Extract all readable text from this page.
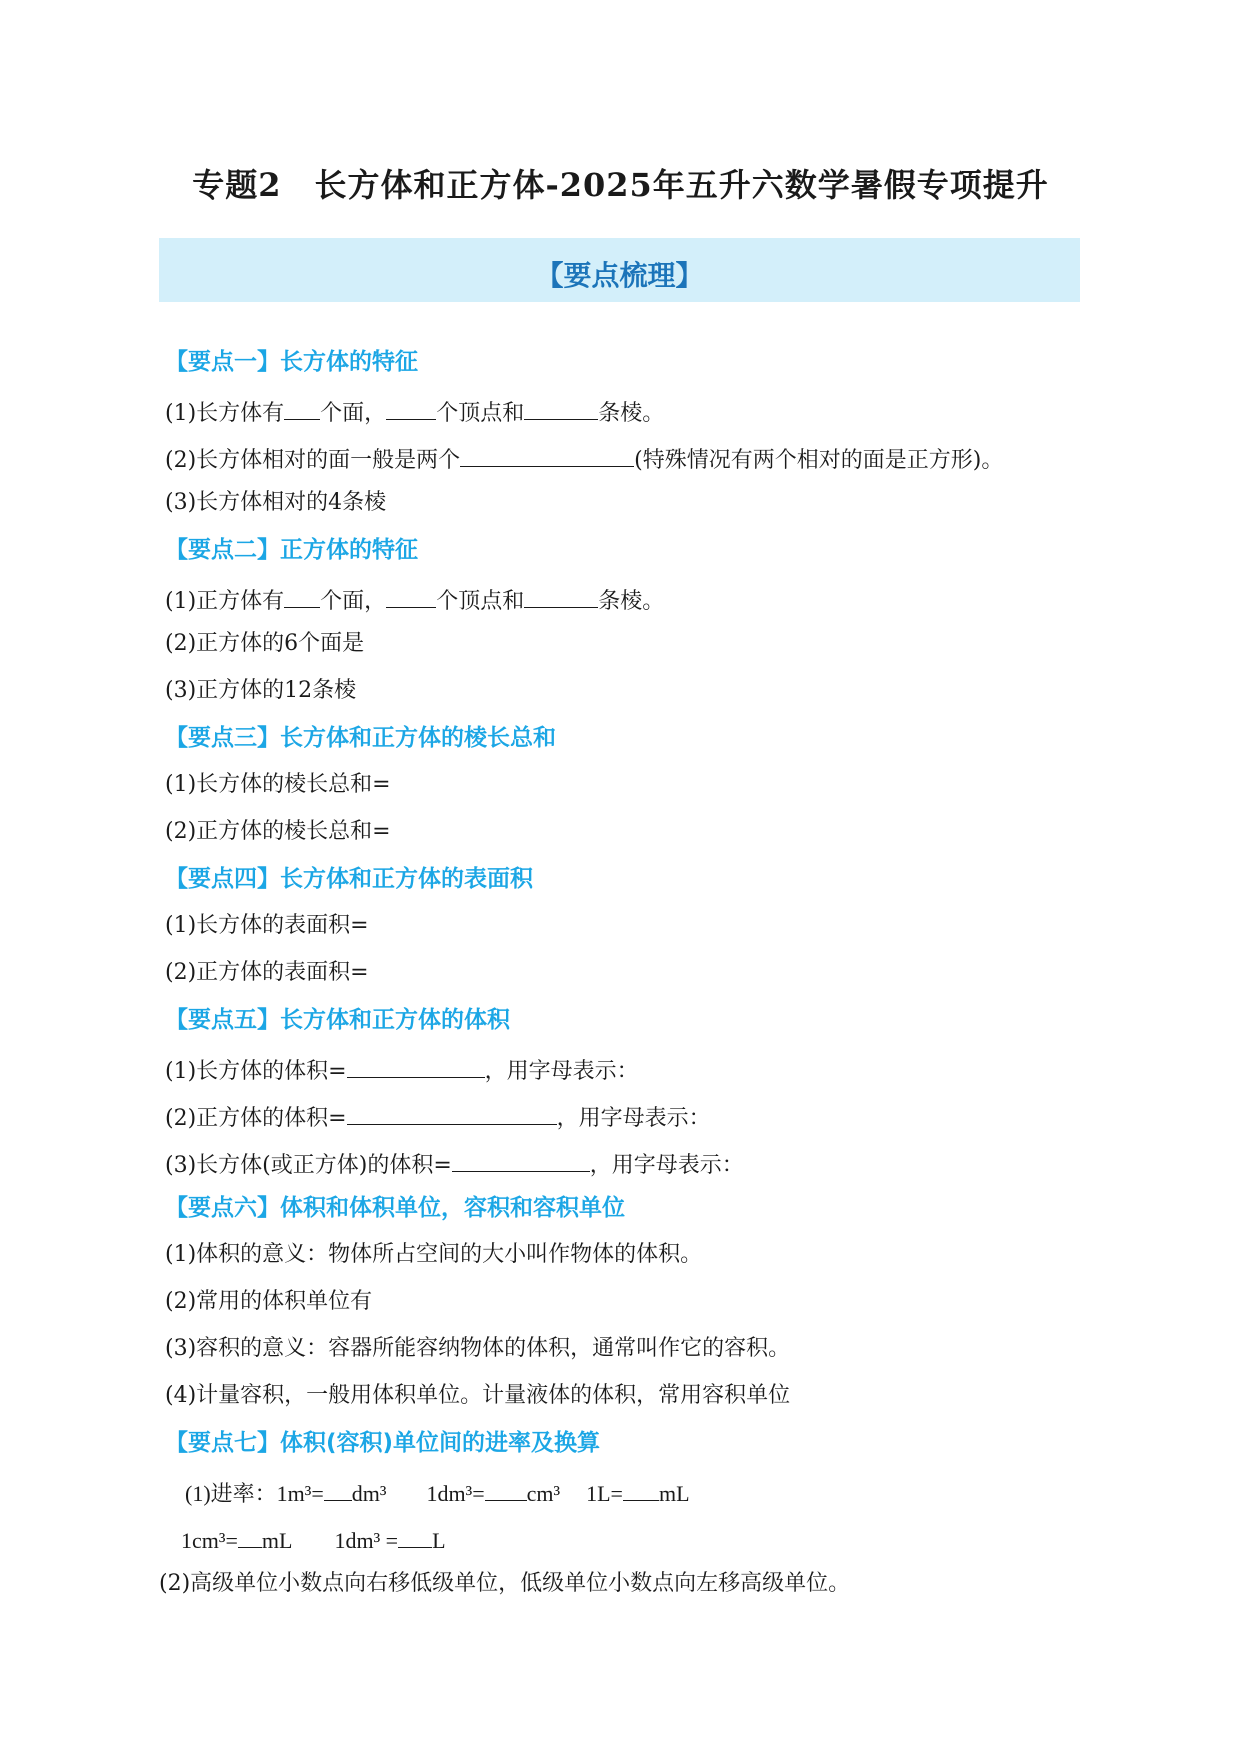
专题2　长方体和正方体-2025年五升六数学暑假专项提升
【要点梳理】
【要点一】长方体的特征
(1)长方体有 个面， 个顶点和	条棱。
(2)长方体相对的面一般是两个	(特殊情况有两个相对的面是正方形)。
(3)长方体相对的4条棱
【要点二】正方体的特征
(1)正方体有 个面， 个顶点和	条棱。
(2)正方体的6个面是
(3)正方体的12条棱
【要点三】长方体和正方体的棱长总和
(1)长方体的棱长总和=
(2)正方体的棱长总和=
【要点四】长方体和正方体的表面积
(1)长方体的表面积=
(2)正方体的表面积=
【要点五】长方体和正方体的体积
(1)长方体的体积=	，用字母表示：
(2)正方体的体积=	，用字母表示：
(3)长方体(或正方体)的体积=	，用字母表示：
【要点六】体积和体积单位，容积和容积单位
(1)体积的意义：物体所占空间的大小叫作物体的体积。
(2)常用的体积单位有
(3)容积的意义：容器所能容纳物体的体积，通常叫作它的容积。
(4)计量容积，一般用体积单位。计量液体的体积，常用容积单位
【要点七】体积(容积)单位间的进率及换算
(1)进率：1m³= dm³ 1dm³= cm³ 1L= mL
1cm³= mL 1dm³ = L
(2)高级单位小数点向右移低级单位，低级单位小数点向左移高级单位。
